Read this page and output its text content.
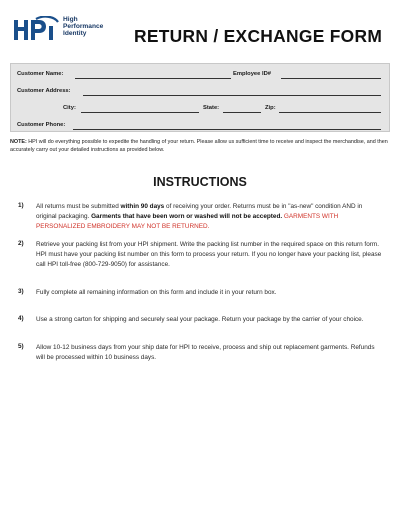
High
Performance
Identity	RETURN / EXCHANGE FORM
Customer Name:	Employee ID#
Customer Address:
City:	State:	Zip:
Customer Phone:
NOTE: HPI will do everything possible to expedite the handling of your return. Please allow us sufficient time to receive and inspect the merchandise, and then accurately carry out your detailed instructions as provided below.
INSTRUCTIONS
1) All returns must be submitted within 90 days of receiving your order. Returns must be in "as-new" condition AND in original packaging. Garments that have been worn or washed will not be accepted. GARMENTS WITH PERSONALIZED EMBROIDERY MAY NOT BE RETURNED.
2) Retrieve your packing list from your HPI shipment. Write the packing list number in the required space on this return form. HPI must have your packing list number on this form to process your return. If you no longer have your packing list, please call HPI toll-free (800-729-9050) for assistance.
3) Fully complete all remaining information on this form and include it in your return box.
4) Use a strong carton for shipping and securely seal your package. Return your package by the carrier of your choice.
5) Allow 10-12 business days from your ship date for HPI to receive, process and ship out replacement garments. Refunds will be processed within 10 business days.
